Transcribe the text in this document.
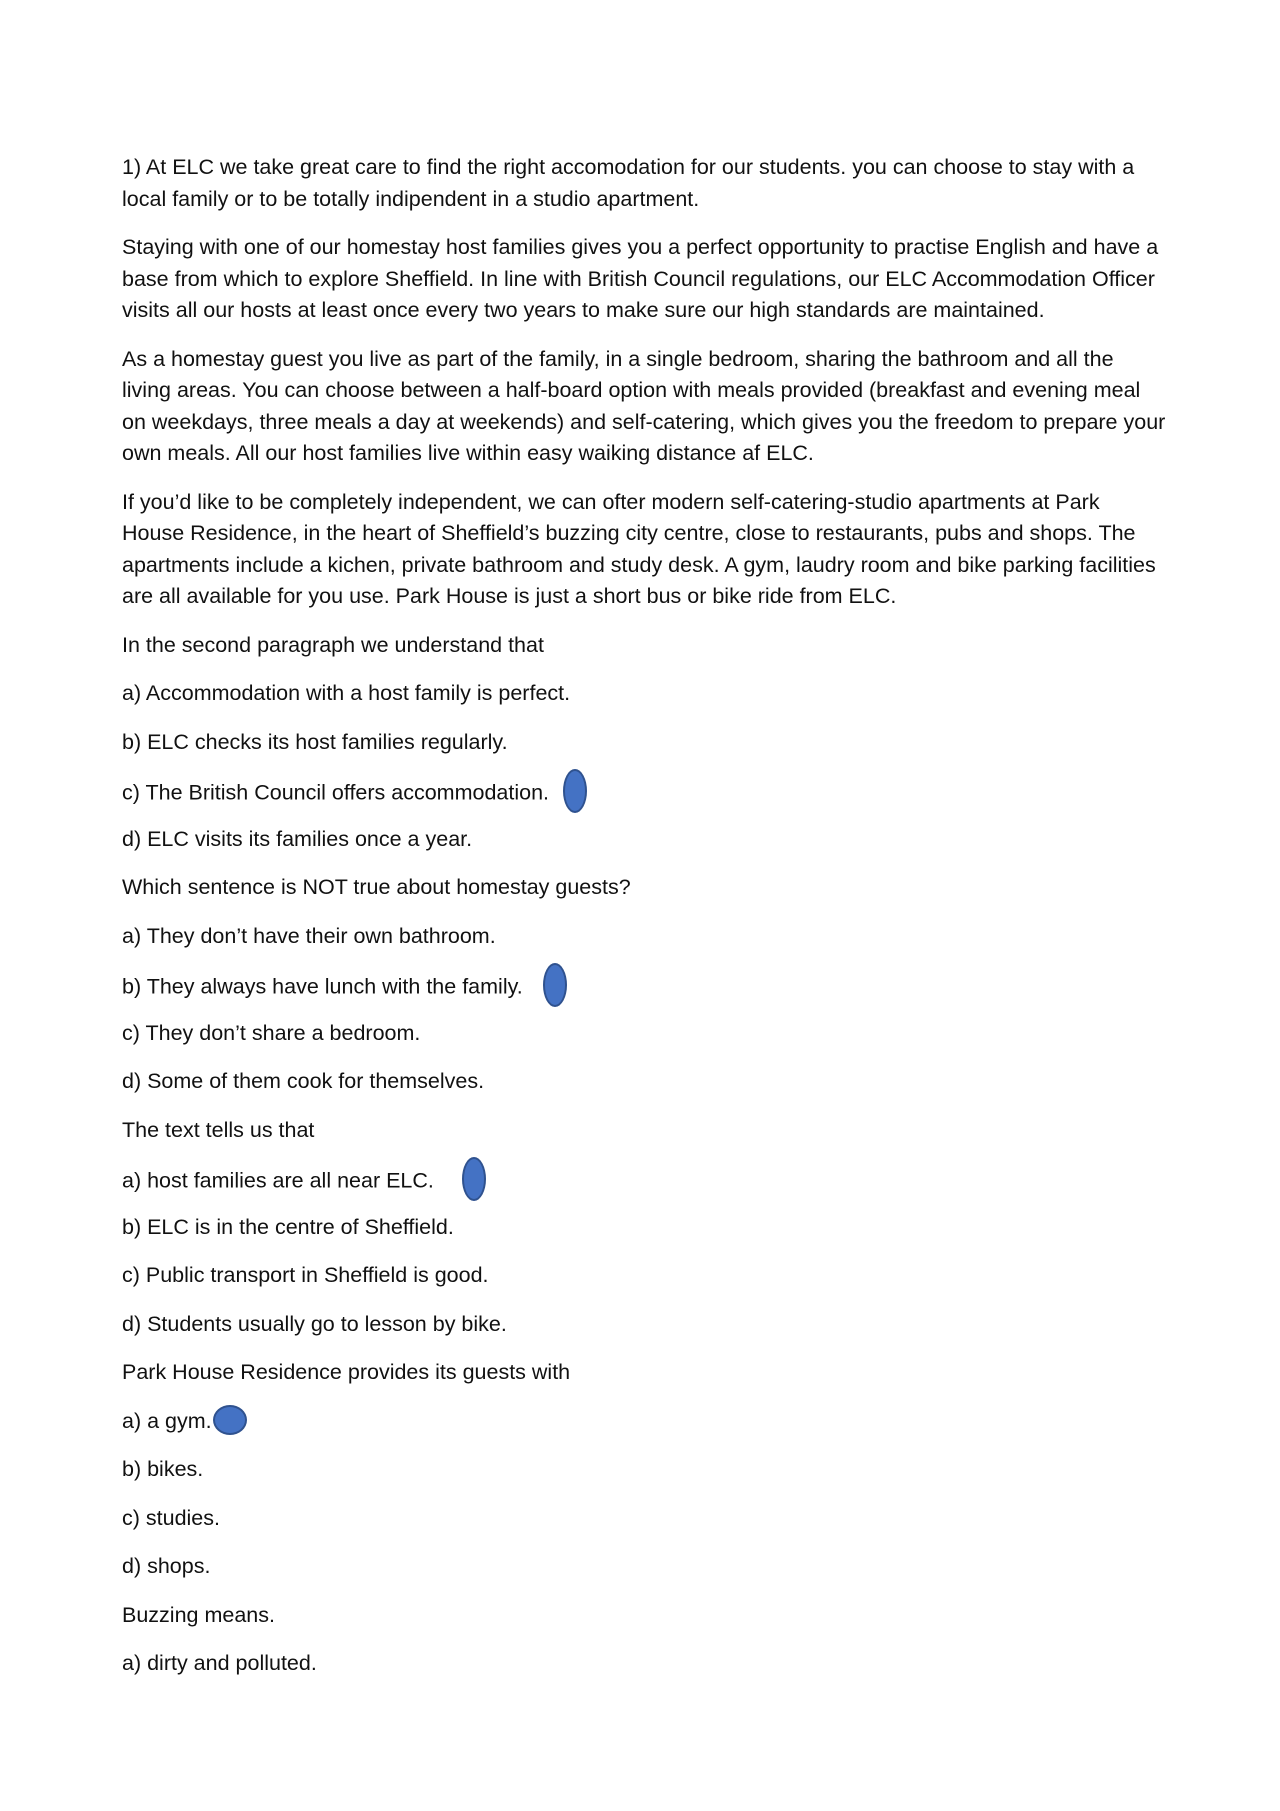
1) At ELC we take great care to find the right accomodation for our students. you can choose to stay with a local family or to be totally indipendent in a studio apartment.

Staying with one of our homestay host families gives you a perfect opportunity to practise English and have a base from which to explore Sheffield. In line with British Council regulations, our ELC Accommodation Officer visits all our hosts at least once every two years to make sure our high standards are maintained.

As a homestay guest you live as part of the family, in a single bedroom, sharing the bathroom and all the living areas. You can choose between a half-board option with meals provided (breakfast and evening meal on weekdays, three meals a day at weekends) and self-catering, which gives you the freedom to prepare your own meals. All our host families live within easy waiking distance af ELC.

If you’d like to be completely independent, we can ofter modern self-catering-studio apartments at Park House Residence, in the heart of Sheffield’s buzzing city centre, close to restaurants, pubs and shops. The apartments include a kichen, private bathroom and study desk. A gym, laudry room and bike parking facilities are all available for you use. Park House is just a short bus or bike ride from ELC.

In the second paragraph we understand that

a) Accommodation with a host family is perfect.

b) ELC checks its host families regularly.

c) The British Council offers accommodation.

d) ELC visits its families once a year.

Which sentence is NOT true about homestay guests?

a) They don’t have their own bathroom.

b) They always have lunch with the family.

c) They don’t share a bedroom.

d) Some of them cook for themselves.

The text tells us that

a) host families are all near ELC.

b) ELC is in the centre of Sheffield.

c) Public transport in Sheffield is good.

d) Students usually go to lesson by bike.

Park House Residence provides its guests with

a) a gym.

b) bikes.

c) studies.

d) shops.

Buzzing means.

a) dirty and polluted.
